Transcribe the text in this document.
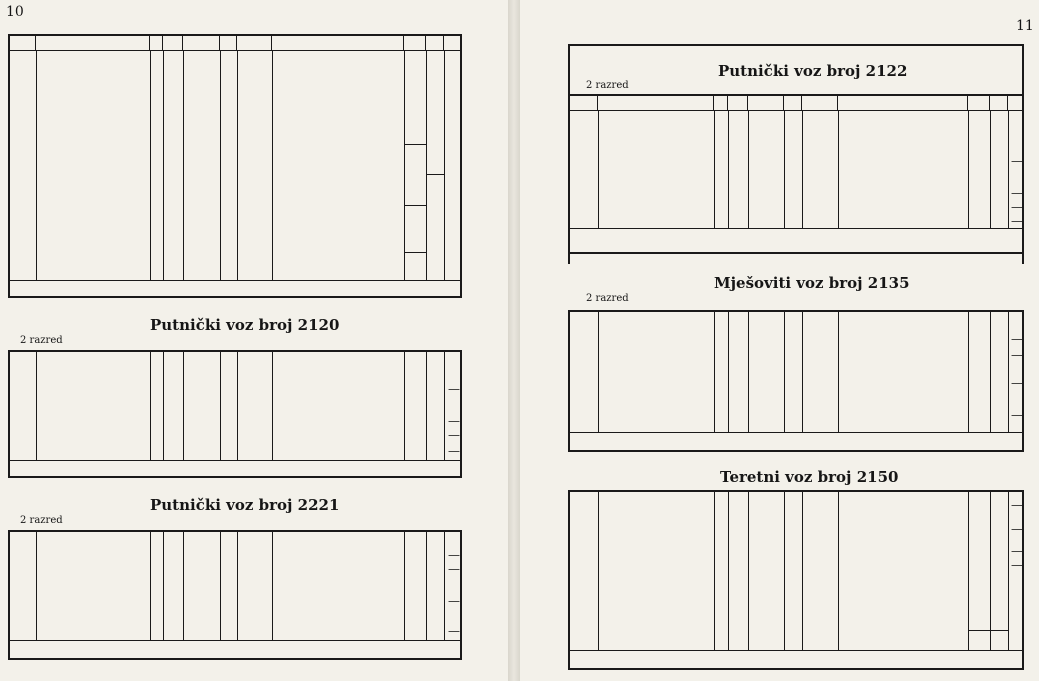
10
Putnički voz broj 2120
2 razred
—
—
—
—
Putnički voz broj 2221
2 razred
—
—
—
—
11
Putnički voz broj 2122
2 razred
—
—
—
—
Mješoviti voz broj 2135
2 razred
—
—
—
—
Teretni voz broj 2150
—
—
—
—
